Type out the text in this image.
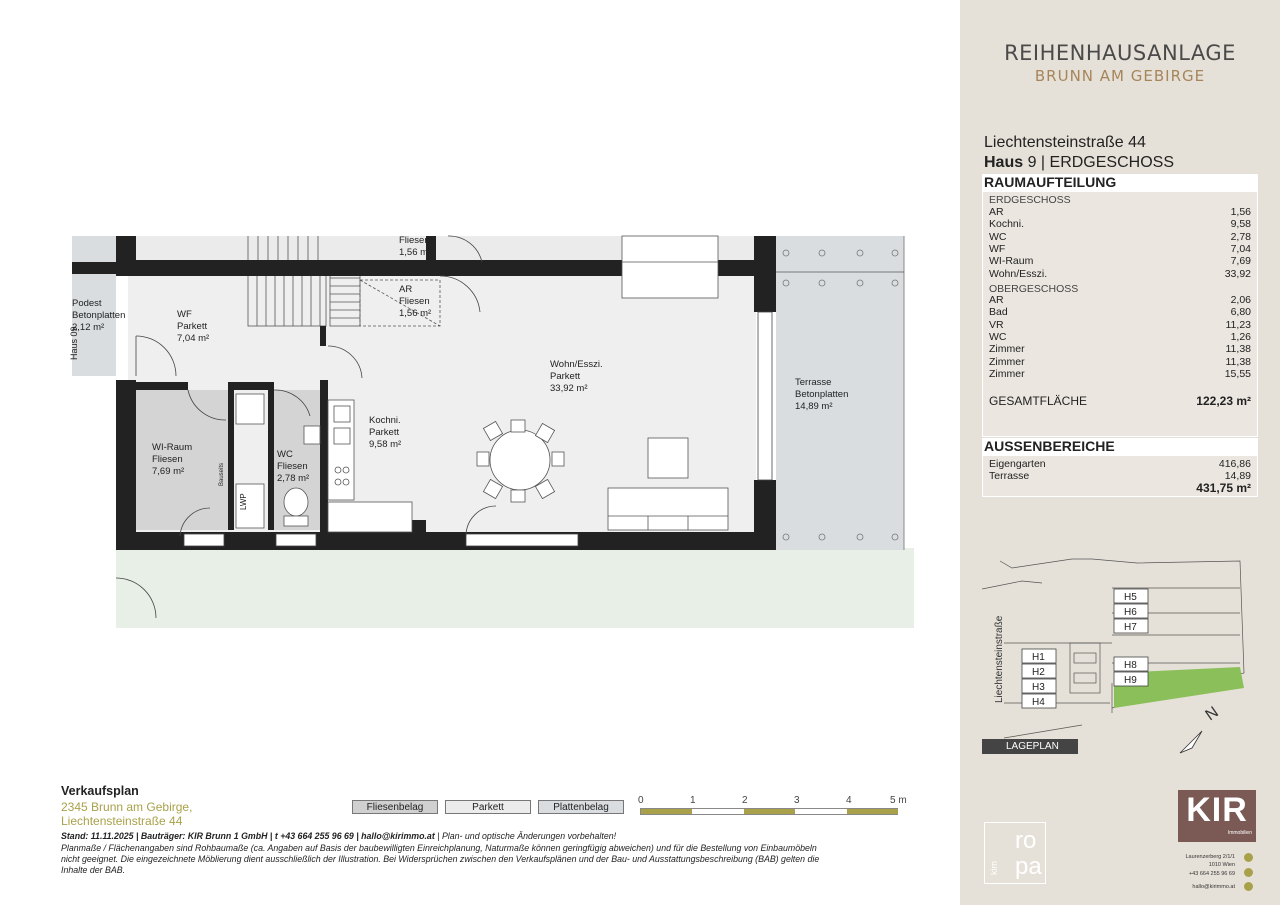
Podest
Betonplatten
2,12 m²
Haus 09
WF
Parkett
7,04 m²
WI-Raum
Fliesen
7,69 m²
WC
Fliesen
2,78 m²
Kochni.
Parkett
9,58 m²
Wohn/Esszi.
Parkett
33,92 m²
Terrasse
Betonplatten
14,89 m²
Fliesen
1,56 m²
AR
Fliesen
1,56 m²
LWP
Bauseits
REIHENHAUSANLAGE
BRUNN AM GEBIRGE
Liechtensteinstraße 44
Haus 9 | ERDGESCHOSS
RAUMAUFTEILUNG
ERDGESCHOSS
AR	1,56
Kochni.	9,58
WC	2,78
WF	7,04
WI-Raum	7,69
Wohn/Esszi.	33,92
OBERGESCHOSS
AR	2,06
Bad	6,80
VR	11,23
WC	1,26
Zimmer	11,38
Zimmer	11,38
Zimmer	15,55
GESAMTFLÄCHE	122,23 m²
AUSSENBEREICHE
Eigengarten	416,86
Terrasse	14,89
431,75 m²
H5
H6
H7
H1
H2
H3
H4
H8
H9
Liechtensteinstraße
N
LAGEPLAN
KIR
Immobilien
ro
pa
kim
Laurenzerberg 2/1/1
1010 Wien
+43 664 255 96 69
hallo@kirimmo.at
Verkaufsplan
2345 Brunn am Gebirge,
Liechtensteinstraße 44
Fliesenbelag	Parkett	Plattenbelag
0	1	2	3	4	5 m
Stand: 11.11.2025 | Bauträger: KIR Brunn 1 GmbH | t +43 664 255 96 69 | hallo@kirimmo.at | Plan- und optische Änderungen vorbehalten!
Planmaße / Flächenangaben sind Rohbaumaße (ca. Angaben auf Basis der baubewilligten Einreichplanung, Naturmaße können geringfügig abweichen) und für die Bestellung von Einbaumöbeln
nicht geeignet. Die eingezeichnete Möblierung dient ausschließlich der Illustration. Bei Widersprüchen zwischen den Verkaufsplänen und der Bau- und Ausstattungsbeschreibung (BAB) gelten die
Inhalte der BAB.
